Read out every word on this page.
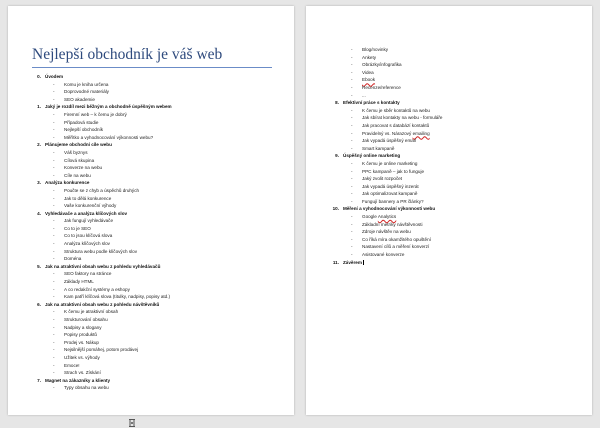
Nejlepší obchodník je váš web
0. Úvodem
- Komu je kniha určena
- Doprovodné materiály
- SEO akademie
1. Jaký je rozdíl mezi běžným a obchodně úspěšným webem
- Firemní web – k čemu je dobrý
- Případová studie
- Nejlepší obchodník
- Měřítko a vyhodnocování výkonnosti webu?
2. Plánujeme obchodní cíle webu
- Váš byznys
- Cílová skupina
- Konverze na webu
- Cíle na webu
3. Analýza konkurence
- Poučte se z chyb a úspěchů druhých
- Jak to dělá konkurence
- Vaše konkurenční výhody
4. Vyhledávače a analýza klíčových slov
- Jak fungují vyhledávače
- Co to je SEO
- Co to jsou klíčová slova
- Analýza klíčových slov
- Struktura webu podle klíčových slov
- Doména
5. Jak na atraktivní obsah webu z pohledu vyhledávačů
- SEO faktory na stránce
- Základy HTML
- A co redakční systémy a eshopy
- Kam patří klíčová slova (titulky, nadpisy, popisy atd.)
6. Jak na atraktivní obsah webu z pohledu návštěvníků
- K čemu je atraktivní obsah
- Strukturování obsahu
- Nadpisy a slogany
- Popisy produktů
- Prodej vs. Nákup
- Nejsilnější pomáhej, potom prodávej
- Užitek vs. výhody
- Emoce!
- Strach vs. Získání
7. Magnet na zákazníky a klienty
- Typy obsahu na webu
- Blog/novinky
- Ankety
- Obrázky/infografika
- Videa
- Ebook
- Recenze/reference
- ...
8. Efektivní práce s kontakty
- K čemu je sběr kontaktů na webu
- Jak sbírat kontakty na webu - formuláře
- Jak pracovat s databází kontaktů
- Pravidelný vs. Nárazový emailing
- Jak vypadá úspěšný email
- Smart kampaně
9. Úspěšný online marketing
- K čemu je online marketing
- PPC kampaně – jak to funguje
- Jaký zvolit rozpočet
- Jak vypadá úspěšný inzerát
- Jak optimalizovat kampaně
- Fungují bannery a PR články?
10. Měření a vyhodnocování výkonnosti webu
- Google Analytics
- Základní metriky návštěvnosti
- Zdroje návštěv na webu
- Co říká míra okamžitého opuštění
- Nastavení cílů a měření konverzí
- Asistované konverze
11. Závěrem
